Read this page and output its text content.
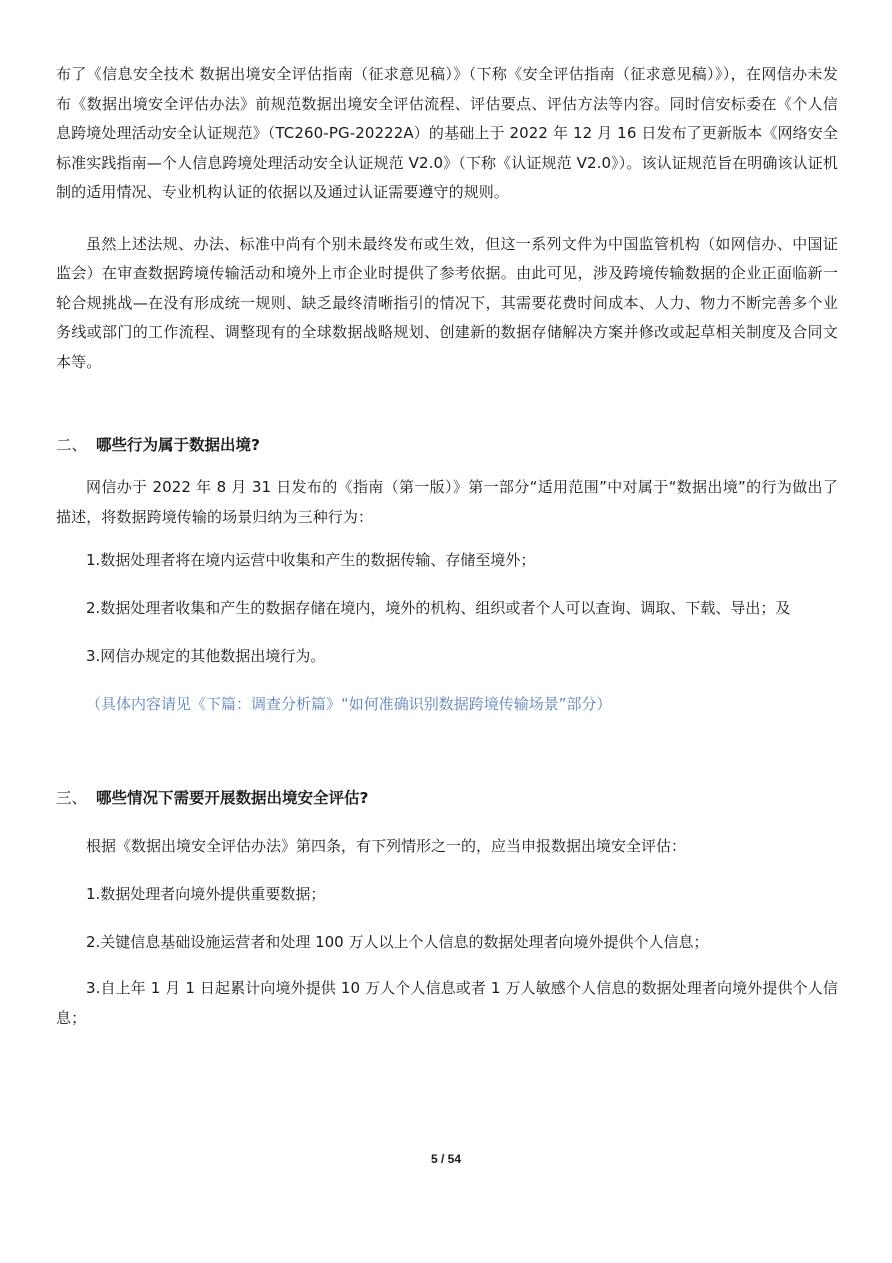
布了《信息安全技术 数据出境安全评估指南（征求意见稿）》（下称《安全评估指南（征求意见稿）》），在网信办未发布《数据出境安全评估办法》前规范数据出境安全评估流程、评估要点、评估方法等内容。同时信安标委在《个人信息跨境处理活动安全认证规范》（TC260-PG-20222A）的基础上于 2022 年 12 月 16 日发布了更新版本《网络安全标准实践指南—个人信息跨境处理活动安全认证规范 V2.0》（下称《认证规范 V2.0》）。该认证规范旨在明确该认证机制的适用情况、专业机构认证的依据以及通过认证需要遵守的规则。

虽然上述法规、办法、标准中尚有个别未最终发布或生效，但这一系列文件为中国监管机构（如网信办、中国证监会）在审查数据跨境传输活动和境外上市企业时提供了参考依据。由此可见，涉及跨境传输数据的企业正面临新一轮合规挑战—在没有形成统一规则、缺乏最终清晰指引的情况下，其需要花费时间成本、人力、物力不断完善多个业务线或部门的工作流程、调整现有的全球数据战略规划、创建新的数据存储解决方案并修改或起草相关制度及合同文本等。

二、 哪些行为属于数据出境?

网信办于 2022 年 8 月 31 日发布的《指南（第一版）》第一部分“适用范围”中对属于“数据出境”的行为做出了描述，将数据跨境传输的场景归纳为三种行为：

1.数据处理者将在境内运营中收集和产生的数据传输、存储至境外；

2.数据处理者收集和产生的数据存储在境内，境外的机构、组织或者个人可以查询、调取、下载、导出；及

3.网信办规定的其他数据出境行为。

（具体内容请见《下篇：调查分析篇》“如何准确识别数据跨境传输场景”部分）

三、 哪些情况下需要开展数据出境安全评估?

根据《数据出境安全评估办法》第四条，有下列情形之一的，应当申报数据出境安全评估：

1.数据处理者向境外提供重要数据；

2.关键信息基础设施运营者和处理 100 万人以上个人信息的数据处理者向境外提供个人信息；

3.自上年 1 月 1 日起累计向境外提供 10 万人个人信息或者 1 万人敏感个人信息的数据处理者向境外提供个人信息；

5 / 54
